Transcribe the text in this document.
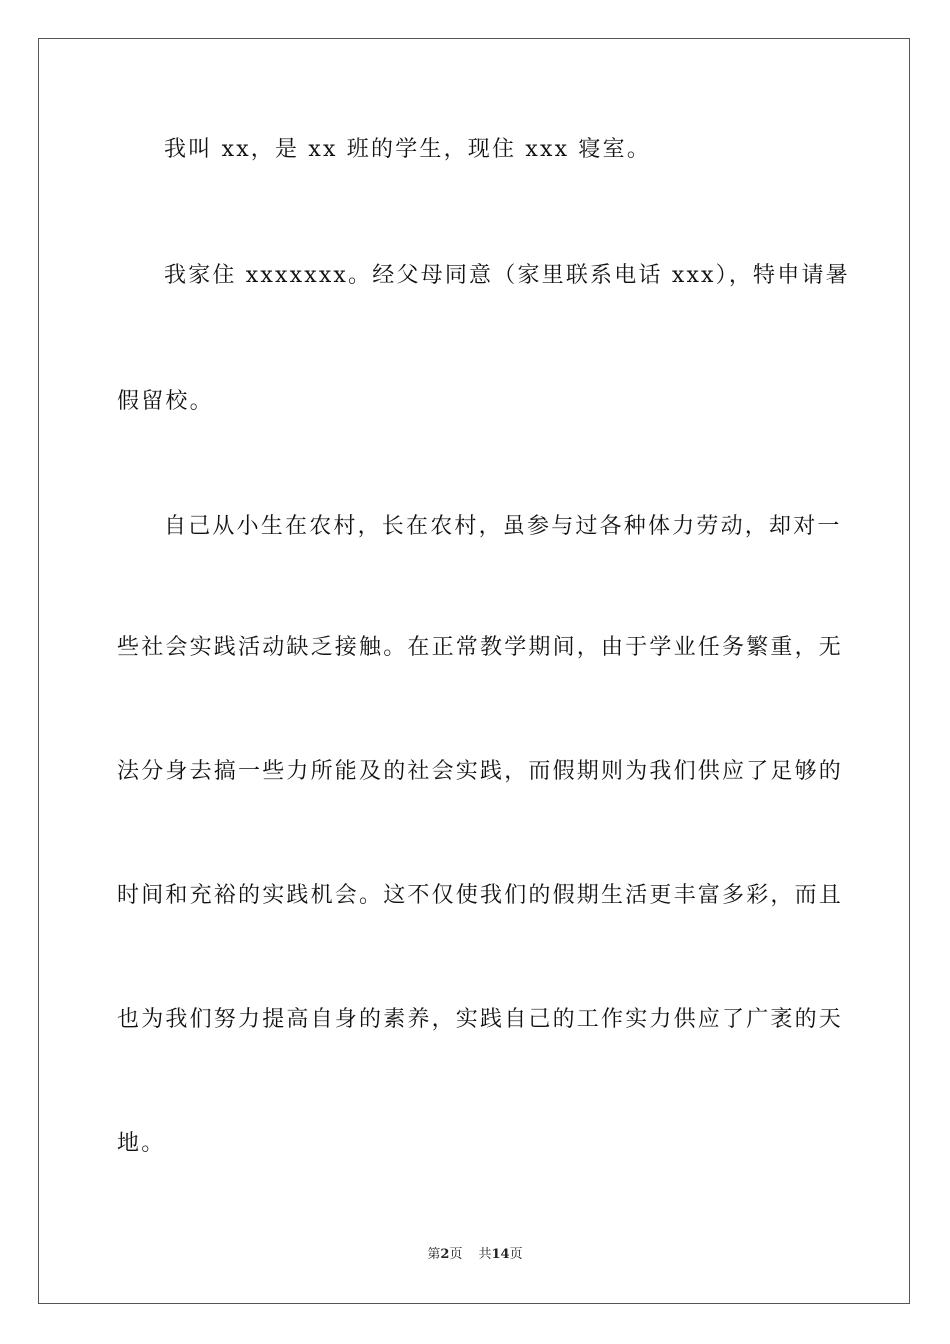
我叫 xx，是 xx 班的学生，现住 xxx 寝室。
我家住 xxxxxxx。经父母同意（家里联系电话 xxx），特申请暑
假留校。
自己从小生在农村，长在农村，虽参与过各种体力劳动，却对一
些社会实践活动缺乏接触。在正常教学期间，由于学业任务繁重，无
法分身去搞一些力所能及的社会实践，而假期则为我们供应了足够的
时间和充裕的实践机会。这不仅使我们的假期生活更丰富多彩，而且
也为我们努力提高自身的素养，实践自己的工作实力供应了广袤的天
地。
第2页 共14页
